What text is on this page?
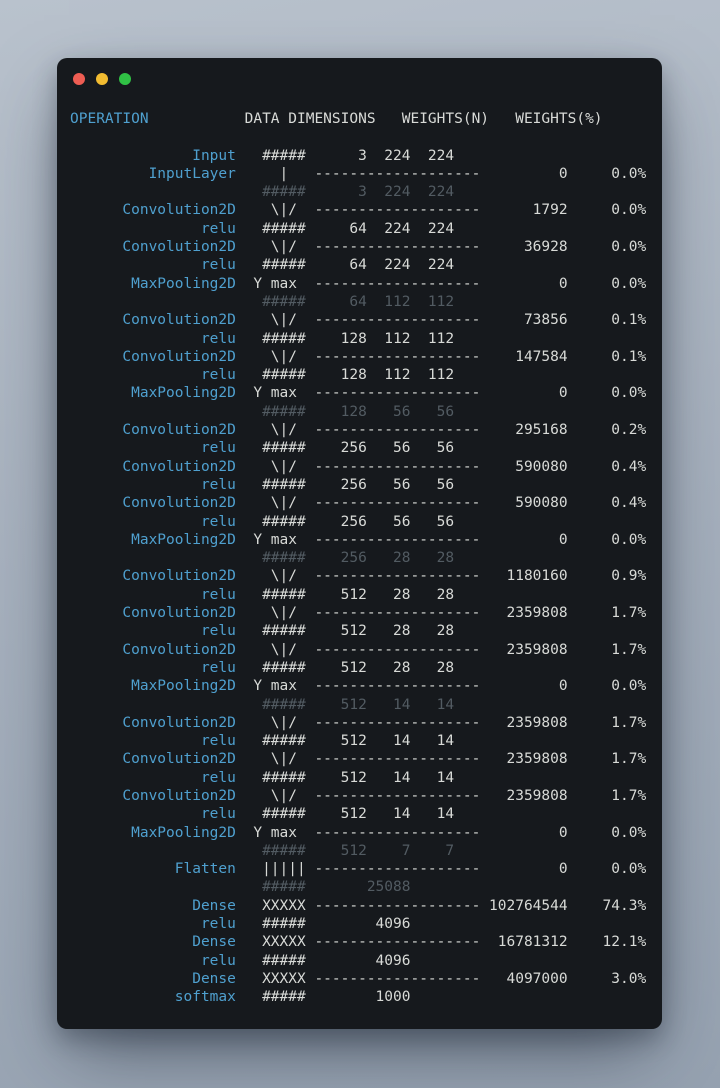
OPERATION           DATA DIMENSIONS   WEIGHTS(N)   WEIGHTS(%)

Input   #####      3  224  224
InputLayer     |   -------------------         0     0.0%
#####      3  224  224
Convolution2D    \|/  -------------------      1792     0.0%
relu   #####     64  224  224
Convolution2D    \|/  -------------------     36928     0.0%
relu   #####     64  224  224
MaxPooling2D  Y max  -------------------         0     0.0%
#####     64  112  112
Convolution2D    \|/  -------------------     73856     0.1%
relu   #####    128  112  112
Convolution2D    \|/  -------------------    147584     0.1%
relu   #####    128  112  112
MaxPooling2D  Y max  -------------------         0     0.0%
#####    128   56   56
Convolution2D    \|/  -------------------    295168     0.2%
relu   #####    256   56   56
Convolution2D    \|/  -------------------    590080     0.4%
relu   #####    256   56   56
Convolution2D    \|/  -------------------    590080     0.4%
relu   #####    256   56   56
MaxPooling2D  Y max  -------------------         0     0.0%
#####    256   28   28
Convolution2D    \|/  -------------------   1180160     0.9%
relu   #####    512   28   28
Convolution2D    \|/  -------------------   2359808     1.7%
relu   #####    512   28   28
Convolution2D    \|/  -------------------   2359808     1.7%
relu   #####    512   28   28
MaxPooling2D  Y max  -------------------         0     0.0%
#####    512   14   14
Convolution2D    \|/  -------------------   2359808     1.7%
relu   #####    512   14   14
Convolution2D    \|/  -------------------   2359808     1.7%
relu   #####    512   14   14
Convolution2D    \|/  -------------------   2359808     1.7%
relu   #####    512   14   14
MaxPooling2D  Y max  -------------------         0     0.0%
#####    512    7    7
Flatten   ||||| -------------------         0     0.0%
#####       25088
Dense   XXXXX ------------------- 102764544    74.3%
relu   #####        4096
Dense   XXXXX -------------------  16781312    12.1%
relu   #####        4096
Dense   XXXXX -------------------   4097000     3.0%
softmax   #####        1000
